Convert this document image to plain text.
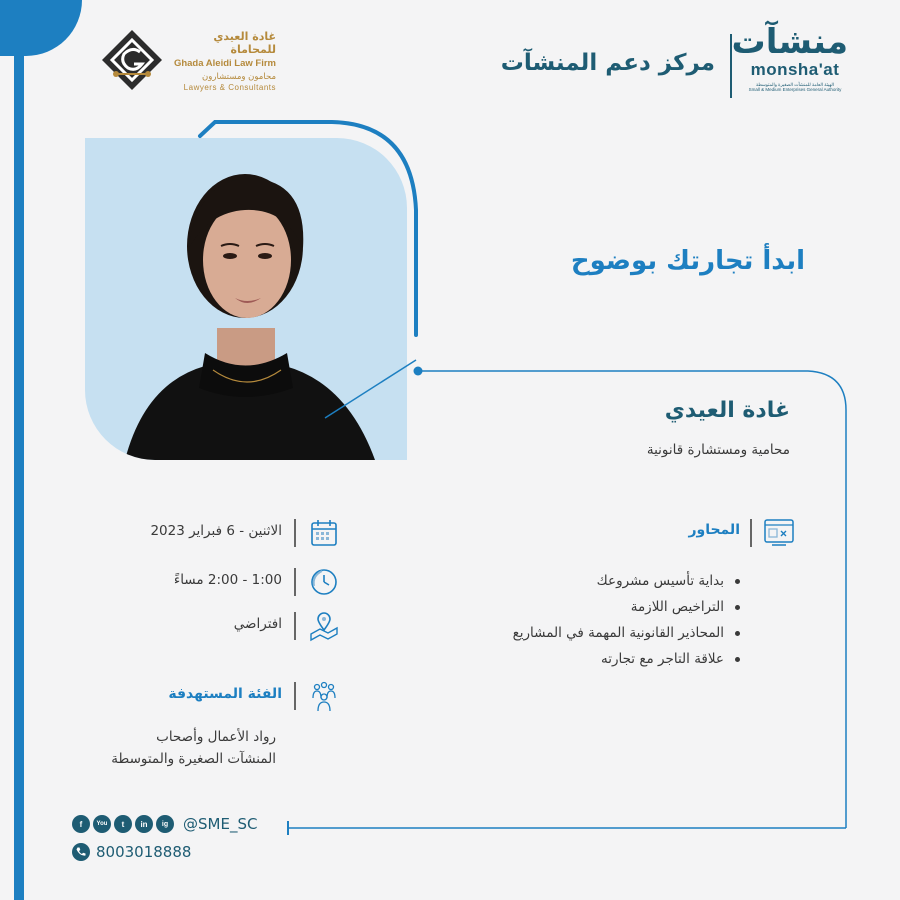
غادة العيدي للمحاماة
Ghada Aleidi Law Firm
محامون ومستشارون
Lawyers & Consultants
مركز دعم المنشآت
منشآت
monsha'at
الهيئة العامة للمنشآت الصغيرة والمتوسطة
Small & Medium Enterprises General Authority
ابدأ تجارتك بوضوح
غادة العيدي
محامية ومستشارة قانونية
الاثنين - 6 فبراير 2023
1:00 - 2:00 مساءً
افتراضي
الفئة المستهدفة
رواد الأعمال وأصحاب
المنشآت الصغيرة والمتوسطة
المحاور
بداية تأسيس مشروعك
التراخيص اللازمة
المحاذير القانونية المهمة في المشاريع
علاقة التاجر مع تجارته
f	You	t	in	ig @SME_SC
8003018888
